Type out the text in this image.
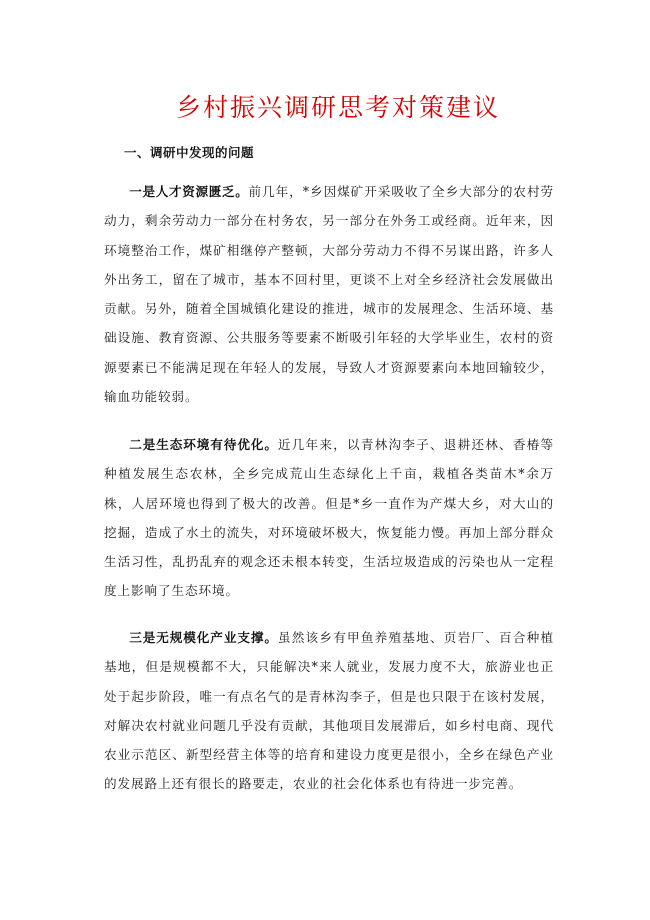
乡村振兴调研思考对策建议
一、调研中发现的问题

一是人才资源匮乏。前几年，*乡因煤矿开采吸收了全乡大部分的农村劳动力，剩余劳动力一部分在村务农，另一部分在外务工或经商。近年来，因环境整治工作，煤矿相继停产整顿，大部分劳动力不得不另谋出路，许多人外出务工，留在了城市，基本不回村里，更谈不上对全乡经济社会发展做出贡献。另外，随着全国城镇化建设的推进，城市的发展理念、生活环境、基础设施、教育资源、公共服务等要素不断吸引年轻的大学毕业生，农村的资源要素已不能满足现在年轻人的发展，导致人才资源要素向本地回输较少，输血功能较弱。

二是生态环境有待优化。近几年来，以青林沟李子、退耕还林、香椿等种植发展生态农林，全乡完成荒山生态绿化上千亩，栽植各类苗木*余万株，人居环境也得到了极大的改善。但是*乡一直作为产煤大乡，对大山的挖掘，造成了水土的流失，对环境破坏极大，恢复能力慢。再加上部分群众生活习性，乱扔乱弃的观念还未根本转变，生活垃圾造成的污染也从一定程度上影响了生态环境。

三是无规模化产业支撑。虽然该乡有甲鱼养殖基地、页岩厂、百合种植基地，但是规模都不大，只能解决*来人就业，发展力度不大，旅游业也正处于起步阶段，唯一有点名气的是青林沟李子，但是也只限于在该村发展，对解决农村就业问题几乎没有贡献，其他项目发展滞后，如乡村电商、现代农业示范区、新型经营主体等的培育和建设力度更是很小，全乡在绿色产业的发展路上还有很长的路要走，农业的社会化体系也有待进一步完善。
